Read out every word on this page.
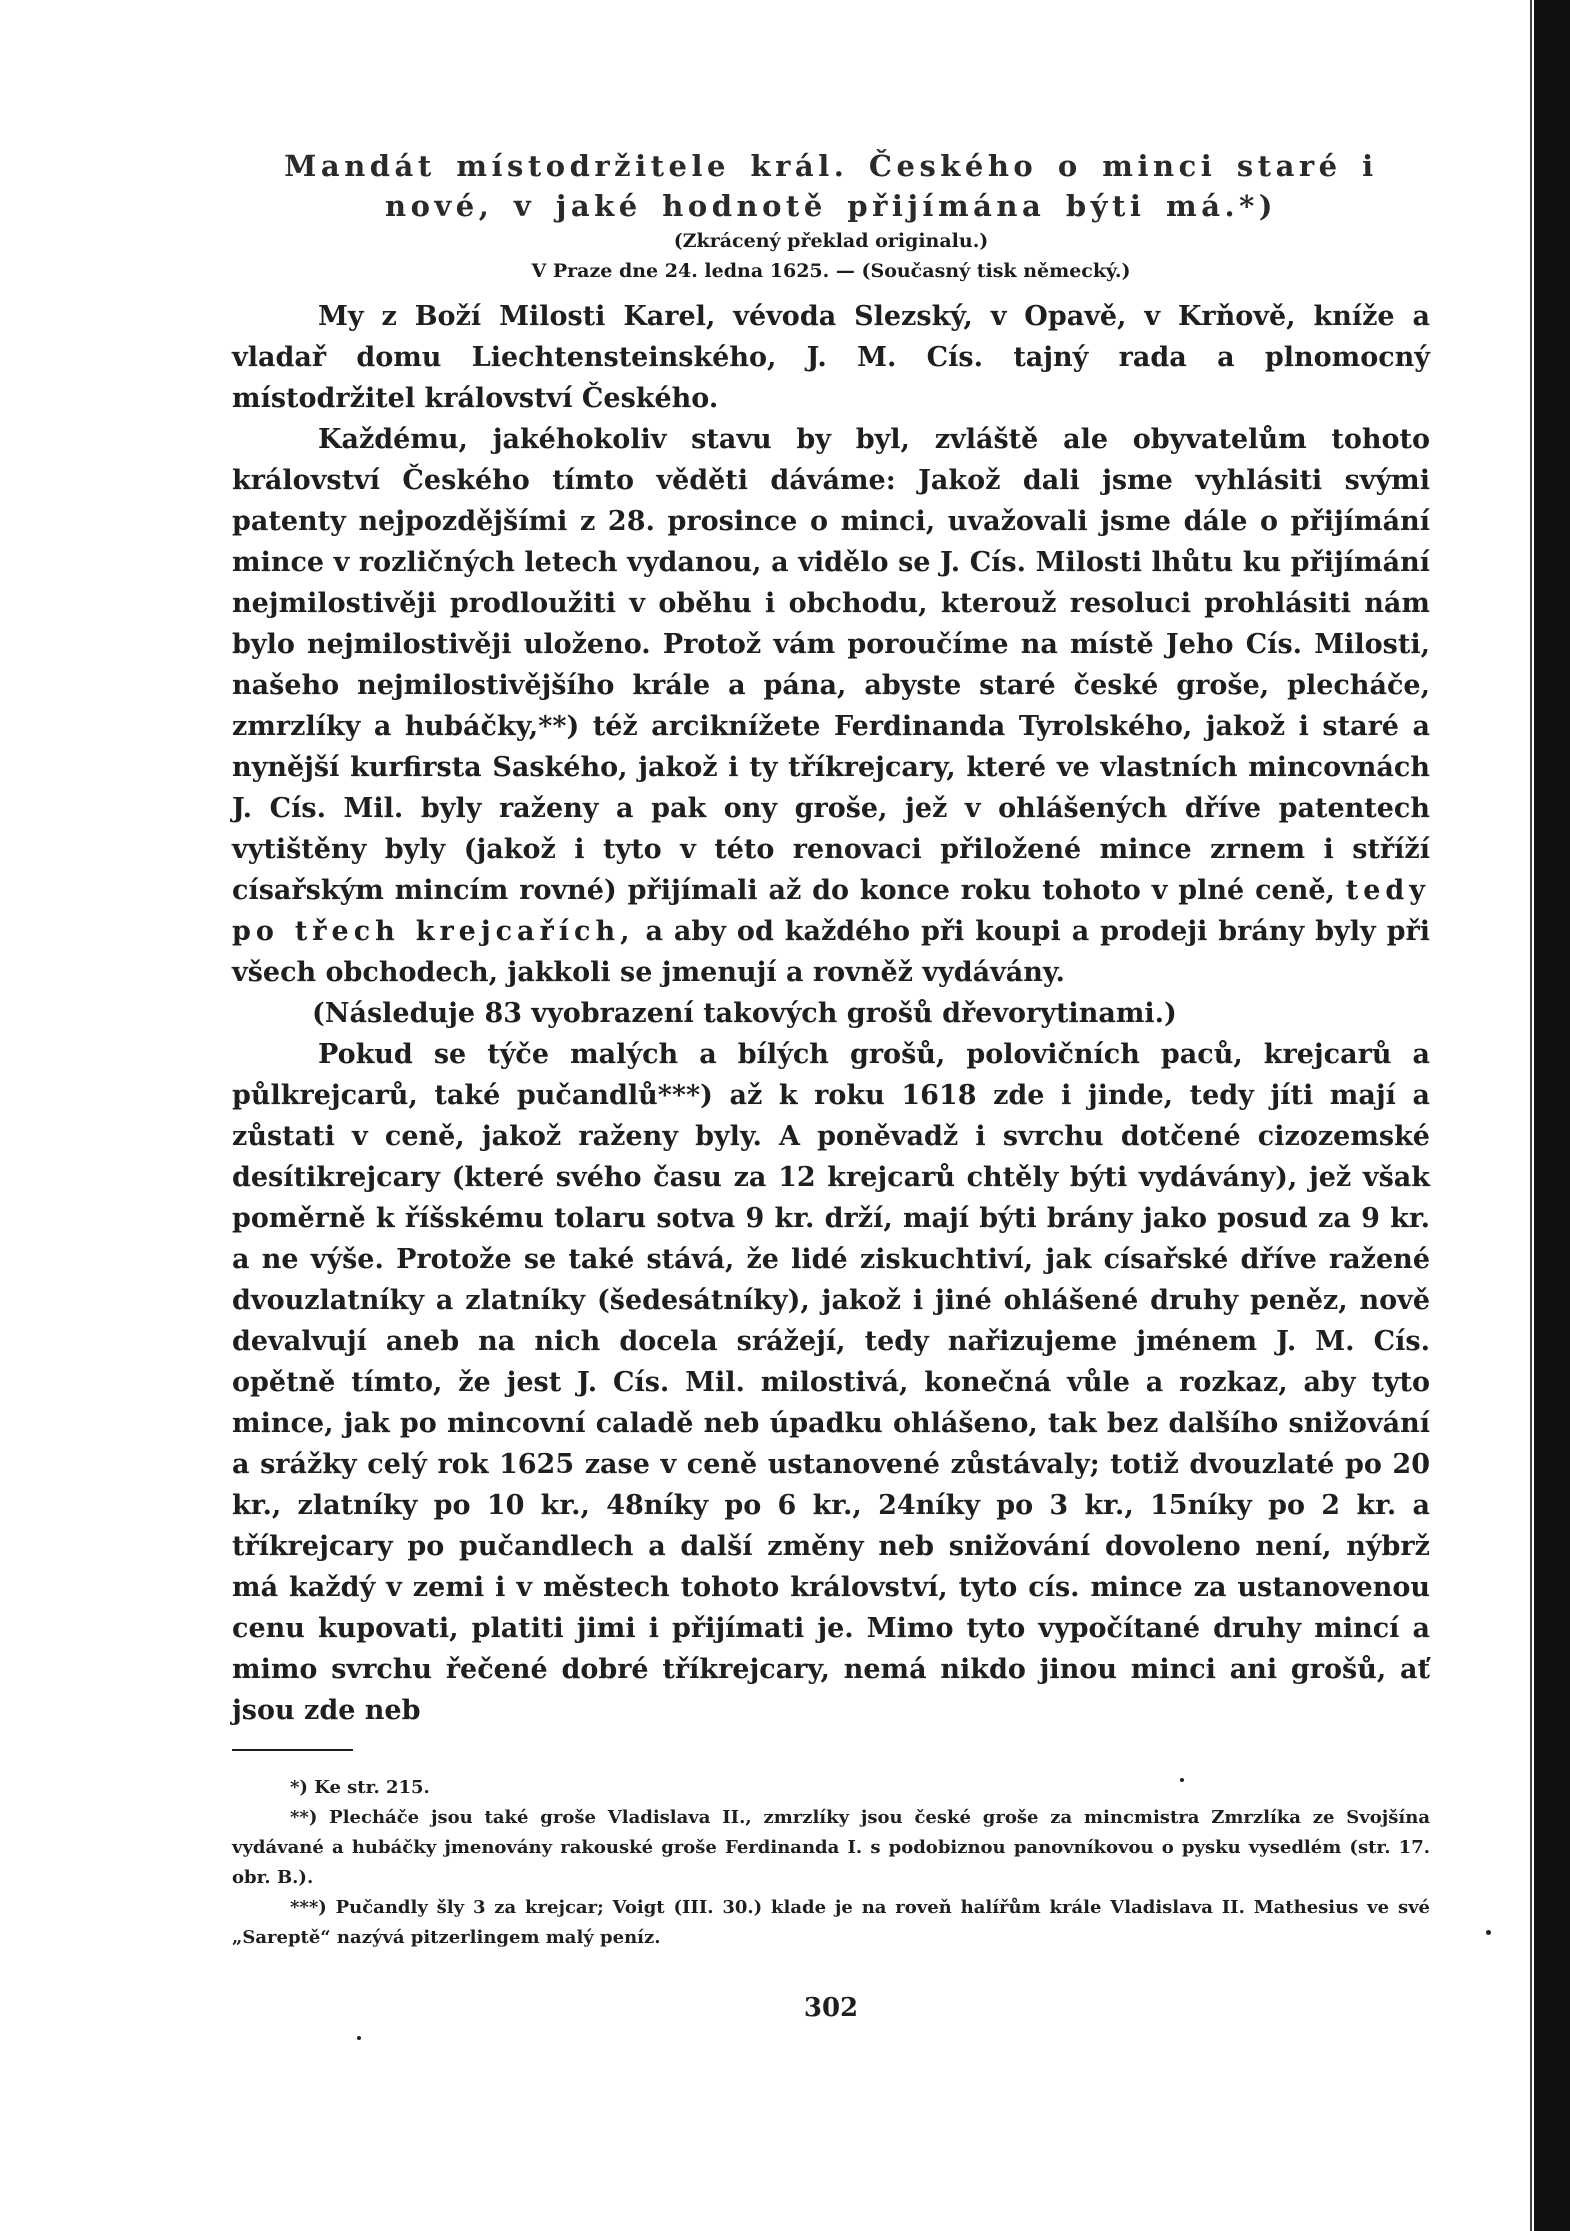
Mandát místodržitele král. Českého o minci staré i nové, v jaké hodnotě přijímána býti má.*)
(Zkrácený překlad originalu.)
V Praze dne 24. ledna 1625. — (Současný tisk německý.)

My z Boží Milosti Karel, vévoda Slezský, v Opavě, v Krňově, kníže a vladař domu Liechtensteinského, J. M. Cís. tajný rada a plnomocný místodržitel království Českého.

Každému, jakéhokoliv stavu by byl, zvláště ale obyvatelům tohoto království Českého tímto věděti dáváme: Jakož dali jsme vyhlásiti svými patenty nejpozdějšími z 28. prosince o minci, uvažovali jsme dále o přijímání mince v rozličných letech vydanou, a vidělo se J. Cís. Milosti lhůtu ku přijímání nejmilostivěji prodloužiti v oběhu i obchodu, kterouž resoluci prohlásiti nám bylo nejmilostivěji uloženo. Protož vám poroučíme na místě Jeho Cís. Milosti, našeho nejmilostivějšího krále a pána, abyste staré české groše, plecháče, zmrzlíky a hubáčky,**) též arciknížete Ferdinanda Tyrolského, jakož i staré a nynější kurfirsta Saského, jakož i ty tříkrejcary, které ve vlastních mincovnách J. Cís. Mil. byly raženy a pak ony groše, jež v ohlášených dříve patentech vytištěny byly (jakož i tyto v této renovaci přiložené mince zrnem i stříží císařským mincím rovné) přijímali až do konce roku tohoto v plné ceně, tedy po třech krejcařích, a aby od každého při koupi a prodeji brány byly při všech obchodech, jakkoli se jmenují a rovněž vydávány.

(Následuje 83 vyobrazení takových grošů dřevorytinami.)

Pokud se týče malých a bílých grošů, polovičních paců, krejcarů a půlkrejcarů, také pučandlů***) až k roku 1618 zde i jinde, tedy jíti mají a zůstati v ceně, jakož raženy byly. A poněvadž i svrchu dotčené cizozemské desítikrejcary (které svého času za 12 krejcarů chtěly býti vydávány), jež však poměrně k říšskému tolaru sotva 9 kr. drží, mají býti brány jako posud za 9 kr. a ne výše. Protože se také stává, že lidé ziskuchtiví, jak císařské dříve ražené dvouzlatníky a zlatníky (šedesátníky), jakož i jiné ohlášené druhy peněz, nově devalvují aneb na nich docela srážejí, tedy nařizujeme jménem J. M. Cís. opětně tímto, že jest J. Cís. Mil. milostivá, konečná vůle a rozkaz, aby tyto mince, jak po mincovní caladě neb úpadku ohlášeno, tak bez dalšího snižování a srážky celý rok 1625 zase v ceně ustanovené zůstávaly; totiž dvouzlaté po 20 kr., zlatníky po 10 kr., 48níky po 6 kr., 24níky po 3 kr., 15níky po 2 kr. a tříkrejcary po pučandlech a další změny neb snižování dovoleno není, nýbrž má každý v zemi i v městech tohoto království, tyto cís. mince za ustanovenou cenu kupovati, platiti jimi i přijímati je. Mimo tyto vypočítané druhy mincí a mimo svrchu řečené dobré tříkrejcary, nemá nikdo jinou minci ani grošů, ať jsou zde neb

*) Ke str. 215.

**) Plecháče jsou také groše Vladislava II., zmrzlíky jsou české groše za mincmistra Zmrzlíka ze Svojšína vydávané a hubáčky jmenovány rakouské groše Ferdinanda I. s podobiznou panovníkovou o pysku vysedlém (str. 17. obr. B.).

***) Pučandly šly 3 za krejcar; Voigt (III. 30.) klade je na roveň halířům krále Vladislava II. Mathesius ve své „Sareptě“ nazývá pitzerlingem malý peníz.

302
